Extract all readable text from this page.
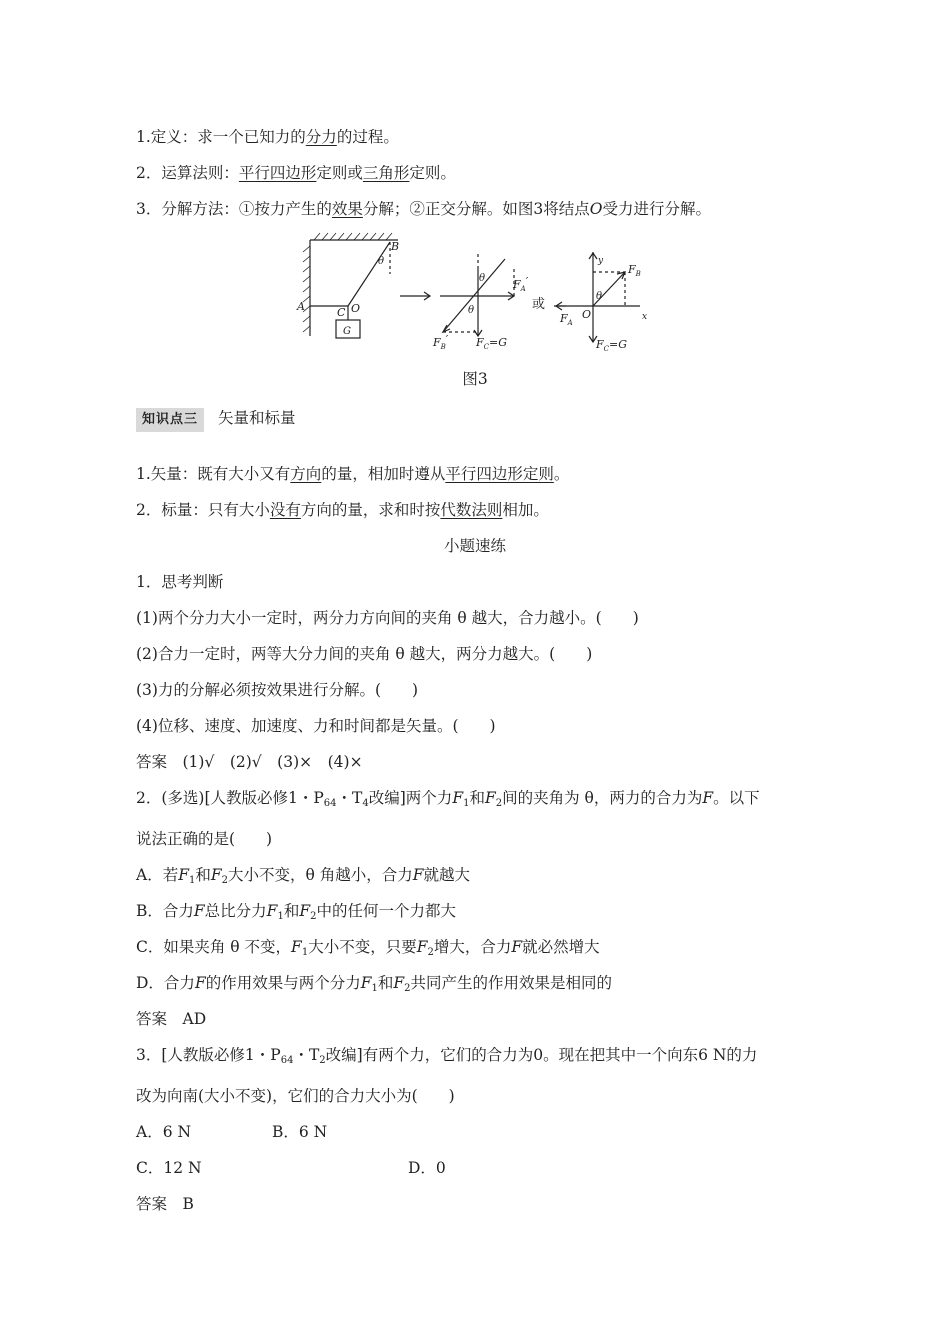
1.定义：求一个已知力的分力的过程。
2．运算法则：平行四边形定则或三角形定则。
3．分解方法：①按力产生的效果分解；②正交分解。如图3将结点O受力进行分解。
B
θ
A	C O
G
θ
θ
$F_A'$
$F_B'$	$F_C=G$
或
y
x
$F_B$
$F_A$
O
θ
$F_C=G$
图3
知识点三 矢量和标量
1.矢量：既有大小又有方向的量，相加时遵从平行四边形定则。
2．标量：只有大小没有方向的量，求和时按代数法则相加。
小题速练
1．思考判断
(1)两个分力大小一定时，两分力方向间的夹角 θ 越大，合力越小。(　　)
(2)合力一定时，两等大分力间的夹角 θ 越大，两分力越大。(　　)
(3)力的分解必须按效果进行分解。(　　)
(4)位移、速度、加速度、力和时间都是矢量。(　　)
答案　(1)√　(2)√　(3)×　(4)×
2．(多选)[人教版必修1・P64・T4改编]两个力F1和F2间的夹角为 θ，两力的合力为F。以下
说法正确的是(　　)
A．若F1和F2大小不变，θ 角越小，合力F就越大
B．合力F总比分力F1和F2中的任何一个力都大
C．如果夹角 θ 不变，F1大小不变，只要F2增大，合力F就必然增大
D．合力F的作用效果与两个分力F1和F2共同产生的作用效果是相同的
答案　AD
3．[人教版必修1・P64・T2改编]有两个力，它们的合力为0。现在把其中一个向东6 N的力
改为向南(大小不变)，它们的合力大小为(　　)
A．6 N	B．6 N
C．12 N	D．0
答案　B
